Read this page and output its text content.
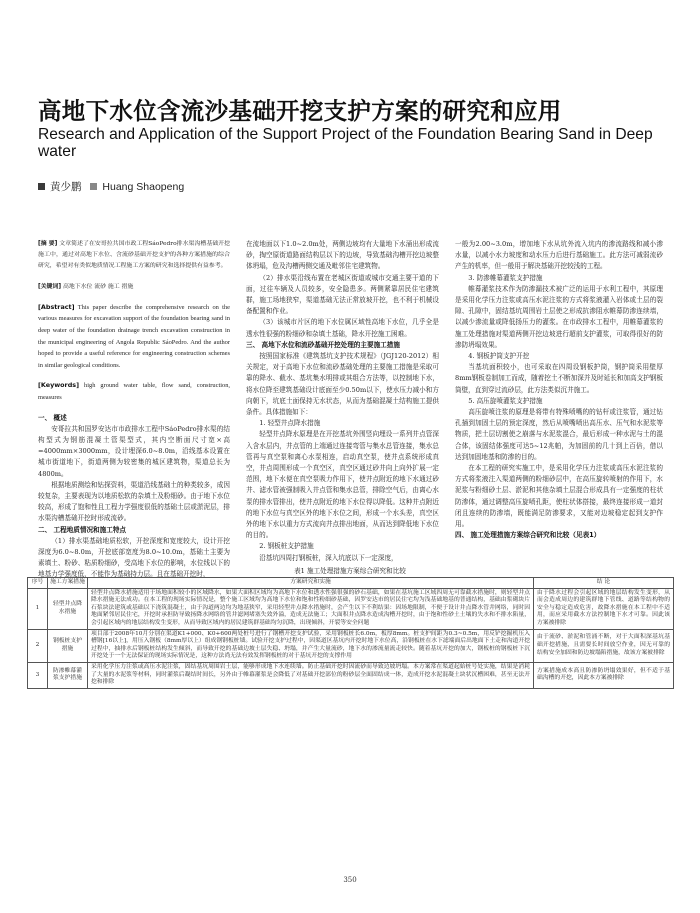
高地下水位含流沙基础开挖支护方案的研究和应用
Research and Application of the Support Project of the Foundation Bearing Sand in Deep water
黄少鹏 Huang Shaopeng

[摘 要] 文章简述了在安哥拉共国市政工程SáoPedro排水渠沟槽基础开挖施工中，通过对高地下水位、含流砂基础开挖支护的各种方案措施的综合研究，希望对有类似地质情况工程施工方案的研究和选择提供有益参考。

[关键词] 高地下水位 流砂 施工 措施

[Abstract] This paper describe the comprehensive research on the various measures for excavation support of the foundation bearing sand in deep water of the foundation drainage trench excavation construction in the municipal engineering of Angola Republic SáoPedro. And the author hoped to provide a useful reference for engineering construction schemes in similar geological conditions.

[Keywords] high ground water table, flow sand, construction, measures

一、 概述

安哥拉共和国罗安达市市政排水工程中SáoPedro排水渠的结构型式为钢筋混凝土管渠型式，其内空断面尺寸宽×高=4000mm×3000mm，设计埋深6.0~8.0m，沿线基本设置在城市街道地下，街道两侧为较密集的城区建筑物，渠道总长为4800m。

根据地质测绘和钻探资料，渠道沿线基础土的种类较多，成因较复杂，主要表现为以地质松软的杂填土及粉细砂。由于地下水位较高，形成了饱和性且工程力学强度很低的基础土层或淤泥层，排水渠沟槽基础开挖时形成流砂。

二、 工程地质情况和施工特点

（1）排水渠基础地质松软，开挖深度和宽度较大，设计开挖深度为6.0~8.0m，开挖底部宽度为8.0~10.0m，基础土主要为素填土、粉砂、粘质粉细砂，受高地下水位的影响，水位线以下的地基力学强度低，不能作为基础持力层。且在基础开挖时，

在流地面以下1.0~2.0m处，两侧边坡均有大量地下水涌出形成流砂，掏空原街道路面结构层以下的边坡，导致基础沟槽开挖边坡整体坍塌，危及沟槽两侧交通及毗邻住宅建筑物。

（2）排水渠沿线布置在老城区街道或城市交通主要干道的下面，过往车辆及人员较多，安全隐患多。两侧紧靠居民住宅建筑群，施工场地狭窄，渠道基础无法正常放坡开挖，也不利于机械设备配置和作业。

（3）该城市片区的地下水位属区域性高地下水位，几乎全是透水性很强的粉细砂和杂填土基础，降水开挖施工困难。

三、 高地下水位和流砂基础开挖处理的主要施工措施

按照国家标准《建筑基坑支护技术规程》（JGJ120-2012）相关规定，对于高地下水位和流砂基础处理的主要施工措施是采取可靠的降水、截水、基坑集水明排或其组合方法等，以控制地下水，将水位降至建筑基础设计底面至少0.50m以下，使水压力减小和方向朝下，坑底土面保持无水状态，从而为基础混凝土结构施工提供条件。具体措施如下：

1. 轻型井点降水措施

轻型井点降水原理是在开挖基坑外围竖向埋设一系列井点管深入含水层内，井点管的上端通过连接弯管与集水总管连接，集水总管再与真空泵和离心水泵相连，启动真空泵，使井点系统形成真空，井点周围形成一个真空区，真空区通过砂井向上向外扩展一定范围，地下水便在真空泵吸力作用下，使井点附近的地下水通过砂井、滤水管被强制吸入井点管和集水总管，排除空气后，由离心水泵的排水管排出，使井点附近的地下水位得以降低。这种井点附近的地下水位与真空区外的地下水位之间，形成一个水头差，真空区外的地下水以重力方式流向井点排出地面，从而达到降低地下水位的目的。

2. 钢板桩支护措施

沿基坑四周打钢板桩，深入坑底以下一定深度，

一般为2.00~3.0m，增加地下水从坑外流入坑内的渗流路线和减小渗水量，以减小水力坡度和动水压力后进行基础施工。此方法可减弱流砂产生的机率，但一般用于解决基础开挖较浅的工程。

3. 防渗帷幕灌浆支护措施

帷幕灌浆技术作为防渗漏技术被广泛的运用于水利工程中，其原理是采用化学压力注浆或高压水泥注浆的方式将浆液灌入岩体或土层的裂隙、孔隙中，固结基坑周围岩土层使之形成抗渗阻水帷幕防渗连续墙，以减少渗流量或降低扬压力的灌浆。在市政排水工程中，用帷幕灌浆的施工处理措施对渠道两侧开挖边坡进行超前支护灌浆，可取得很好的防渗防坍塌效果。

4. 钢板护筒支护开挖

当基坑面积较小，也可采取在四周设钢板护筒，钢护筒采用壁厚8mm钢板卷制加工而成，随着挖土不断加深并及时延长和加高支护钢板筒壁，直到穿过流砂层，此方法类似沉井施工。

5. 高压旋喷灌浆支护措施

高压旋喷注浆的原理是将带有特殊喷嘴的的钻杆或注浆管，通过钻孔插到加固土层的预定深度，然后从喷嘴喷出高压水、压气和水泥浆等物质，把土层切割使之崩落与水泥浆混合，最后形成一种水泥与土的混合体，该固结体强度可达5~12兆帕，为加固前的几十到上百倍，借以达到加固地基和防渗的目的。

在本工程的研究实施工中，是采用化学压力注浆或高压水泥注浆的方式将浆液注入渠道两侧的粉细砂层中，在高压旋转喷射的作用下，水泥浆与粉细砂土层、淤泥和其他杂填土层混合形成具有一定强度的柱状防渗体，通过调整高压旋喷孔距，使柱状体搭接，最终连接形成一道封闭且连续的防渗墙，既能满足防渗要求，又能对边坡稳定起到支护作用。

四、 施工处理措施方案综合研究和比较（见表1）

表1 施工处理措施方案综合研究和比较
序号	施工方案措施	方案研究和实施	结 论
1	轻型井点降水措施	轻型井点降水措施适用于场地面积较小的区域降水，如果大面积区域均为高地下水位和透水性强很强的砂石基础，如果在基坑施工区域四周无可靠截水措施时，则轻型井点降水措施无法成功。在本工程的现场实际情况是，整个施工区域均为高地下水位和饱和性粉细砂基础，因罗安达市的居民住宅均为浅基础地基的普通结构，基础由浆砌块片石浆块法建筑或基础以下浇筑混凝土，由于沟道两边均为地基狭窄，采用轻型井点降水措施时，会产生以下不利结果：因场地限制，不便于设计井点降水管井网络，同时因地面紧邻居民住宅，开挖时承担防导致扬降水网络的管井滤网堵塞失效外溢，造成无法施工；大面积井点降水造成沟槽开挖时，由于饱和性砂土土壤的失水和不排水陷量，会引起区域内的地层结构发生变形，从而导致区域内的居民建筑群基础均匀沉降，出现倾斜，开裂等安全问题	由于降水过程会引起区域的地层结构发生变形，从而会造成周边的建筑群地下管线、道路等结构物的安全与稳定造成危害，故降水措施在本工程中不适用，而应采用截水方法控制地下水才可靠。因此该方案被排除
2	钢板桩支护措施	项目部于2008年10月分别在渠道K1+000、K0+600两处桩号进行了钢槽开挖支护试验，采用钢板桩长6.0m，板厚8mm。桩支护间距为0.3~0.5m，用反铲挖掘机压入槽钢[16以上]，用压入钢板（8mm厚以上）组成钢钢板桩墙。试验开挖支护过程中，因渠道区基坑内开挖时地下水位高，沿钢板桩在水下滤端面后出地面下土走和沟道开挖过程中，抽排水后钢板桩结构发生倾斜，而导致开挖的基础边坡土层失稳、坍塌，并产生大量流砂，地下水的渗流量流走较快。随着基坑开挖的加大，钢板桩的钢板桩下沉开挖处于一个无法保证的现场实际情况是，这种方法尚无法有效发挥钢板桩的对于基坑开挖的支撑作用	由于流砂、淤泥和管涌不断，对于大面积深基坑基础开挖措施，且需要长时间放空作业，因无可靠的结构安全加固和防边坡塌陷措施，故该方案被排除
3	防渗帷幕灌浆支护措施	采用化学压力注浆或高压水泥注浆，固结基坑周围岩土层，能够形成地下水连续墙。防止基础开挖时因流砂而导致边坡坍塌。本方案常在渠道起始桩号处实施，结果是消耗了大量的水泥浆等材料，同时灌浆后凝结时间长，另外由于帷幕灌浆是会降低了对基础开挖部位的粉砂层全面固结成一体，造成开挖水泥混凝土块状沉槽困难，甚至无法开挖和排除	方案措施成本高且防渗防坍塌效果好，但不适于基础沟槽的开挖，因此本方案被排除
350
